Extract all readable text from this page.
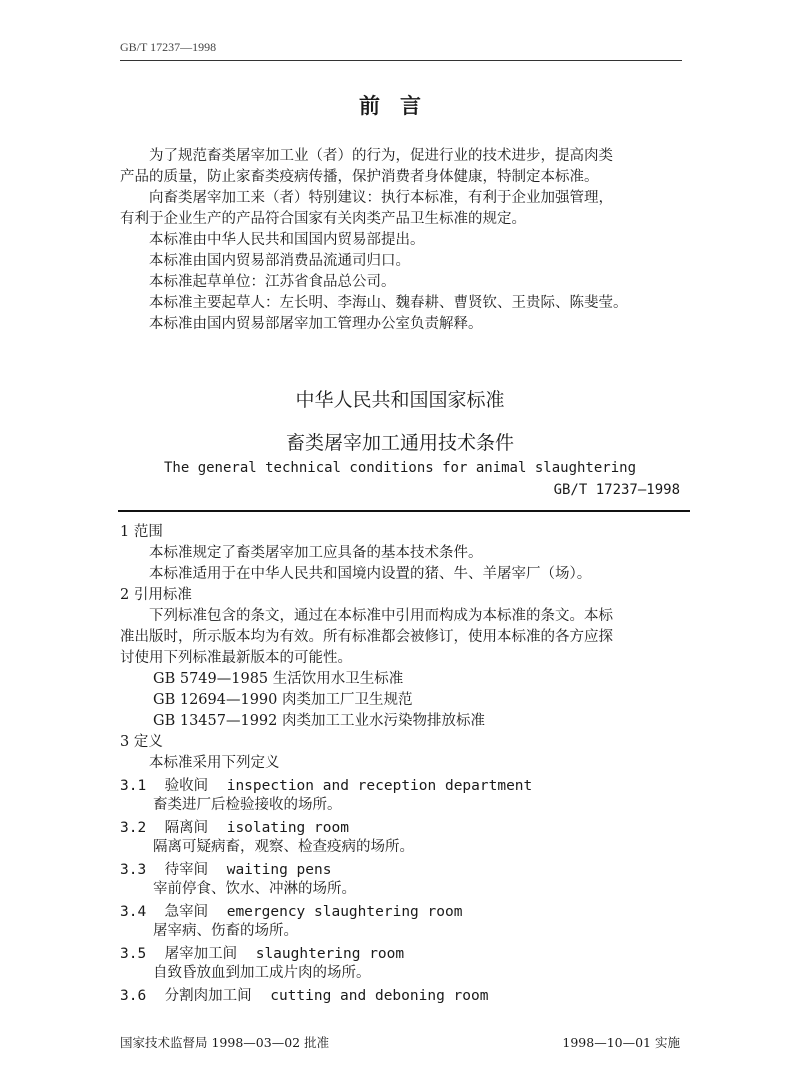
GB/T 17237—1998
前言
为了规范畜类屠宰加工业（者）的行为，促进行业的技术进步，提高肉类
产品的质量，防止家畜类疫病传播，保护消费者身体健康，特制定本标准。
向畜类屠宰加工来（者）特别建议：执行本标准，有利于企业加强管理，
有利于企业生产的产品符合国家有关肉类产品卫生标准的规定。
本标准由中华人民共和国国内贸易部提出。
本标准由国内贸易部消费品流通司归口。
本标准起草单位：江苏省食品总公司。
本标准主要起草人：左长明、李海山、魏春耕、曹贤钦、王贵际、陈斐莹。
本标准由国内贸易部屠宰加工管理办公室负责解释。
中华人民共和国国家标准
畜类屠宰加工通用技术条件
The general technical conditions for animal slaughtering
GB/T 17237—1998
1 范围
本标准规定了畜类屠宰加工应具备的基本技术条件。
本标准适用于在中华人民共和国境内设置的猪、牛、羊屠宰厂（场）。
2 引用标准
下列标准包含的条文，通过在本标准中引用而构成为本标准的条文。本标
准出版时，所示版本均为有效。所有标准都会被修订，使用本标准的各方应探
讨使用下列标准最新版本的可能性。
GB 5749—1985 生活饮用水卫生标准
GB 12694—1990 肉类加工厂卫生规范
GB 13457—1992 肉类加工工业水污染物排放标准
3 定义
本标准采用下列定义
3.1 验收间 inspection and reception department
畜类进厂后检验接收的场所。
3.2 隔离间 isolating room
隔离可疑病畜，观察、检查疫病的场所。
3.3 待宰间 waiting pens
宰前停食、饮水、冲淋的场所。
3.4 急宰间 emergency slaughtering room
屠宰病、伤畜的场所。
3.5 屠宰加工间 slaughtering room
自致昏放血到加工成片肉的场所。
3.6 分割肉加工间 cutting and deboning room
国家技术监督局 1998—03—02 批准	1998—10—01 实施
